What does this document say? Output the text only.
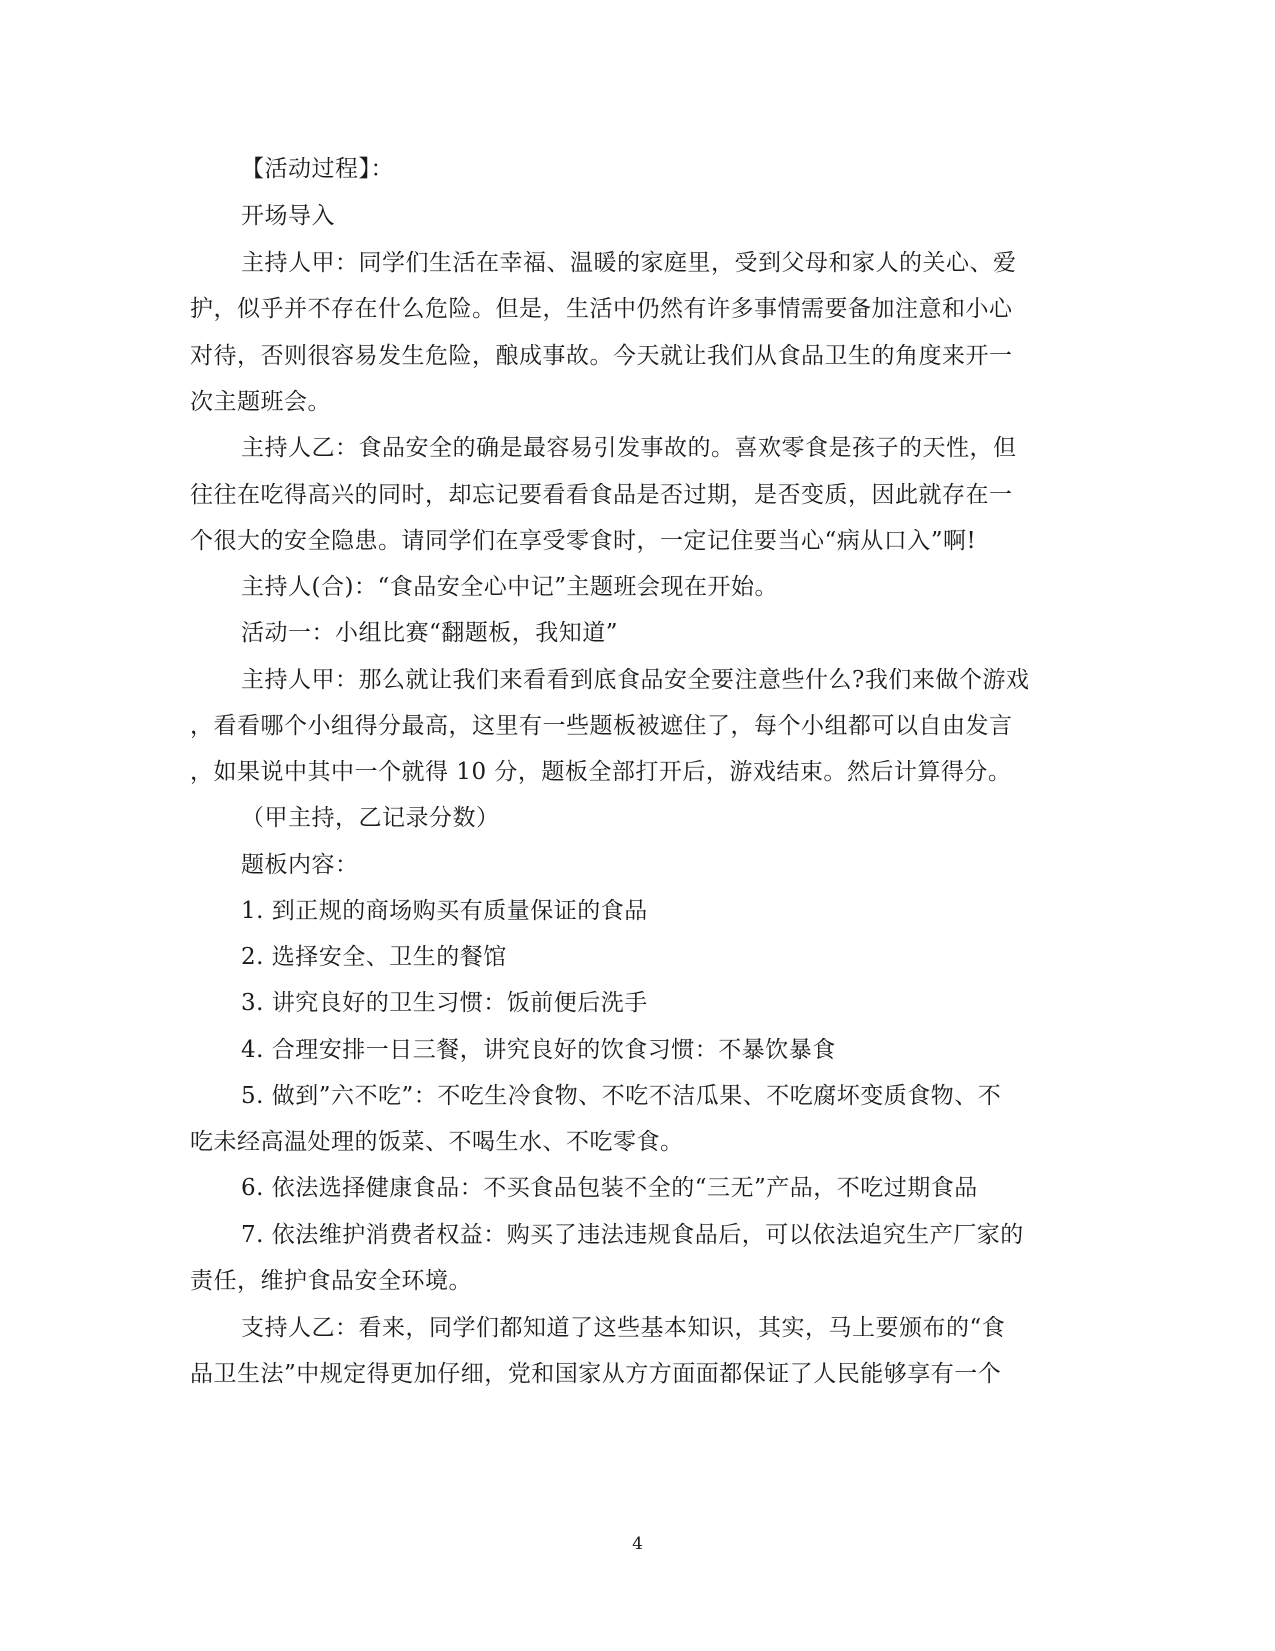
【活动过程】：
开场导入
主持人甲：同学们生活在幸福、温暖的家庭里，受到父母和家人的关心、爱
护，似乎并不存在什么危险。但是，生活中仍然有许多事情需要备加注意和小心
对待，否则很容易发生危险，酿成事故。今天就让我们从食品卫生的角度来开一
次主题班会。
主持人乙：食品安全的确是最容易引发事故的。喜欢零食是孩子的天性，但
往往在吃得高兴的同时，却忘记要看看食品是否过期，是否变质，因此就存在一
个很大的安全隐患。请同学们在享受零食时，一定记住要当心“病从口入”啊!
主持人(合)：“食品安全心中记”主题班会现在开始。
活动一：小组比赛“翻题板，我知道”
主持人甲：那么就让我们来看看到底食品安全要注意些什么?我们来做个游戏
，看看哪个小组得分最高，这里有一些题板被遮住了，每个小组都可以自由发言
，如果说中其中一个就得 10 分，题板全部打开后，游戏结束。然后计算得分。
（甲主持，乙记录分数）
题板内容：
1. 到正规的商场购买有质量保证的食品
2. 选择安全、卫生的餐馆
3. 讲究良好的卫生习惯：饭前便后洗手
4. 合理安排一日三餐，讲究良好的饮食习惯：不暴饮暴食
5. 做到”六不吃”：不吃生冷食物、不吃不洁瓜果、不吃腐坏变质食物、不
吃未经高温处理的饭菜、不喝生水、不吃零食。
6. 依法选择健康食品：不买食品包装不全的“三无”产品，不吃过期食品
7. 依法维护消费者权益：购买了违法违规食品后，可以依法追究生产厂家的
责任，维护食品安全环境。
支持人乙：看来，同学们都知道了这些基本知识，其实，马上要颁布的“食
品卫生法”中规定得更加仔细，党和国家从方方面面都保证了人民能够享有一个
4
